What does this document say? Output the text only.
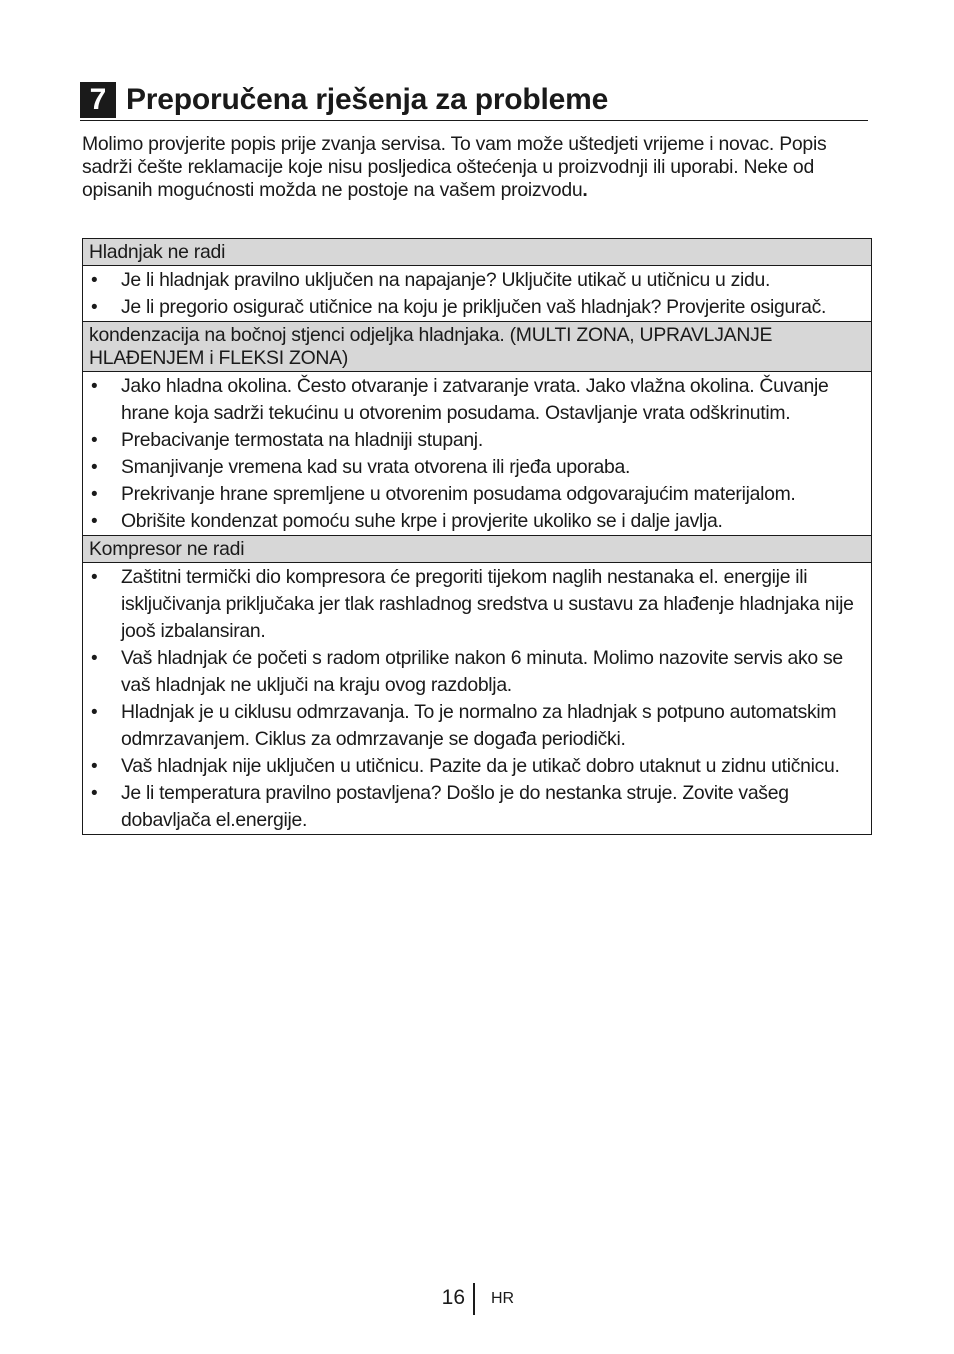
7 Preporučena rješenja za probleme
Molimo provjerite popis prije zvanja servisa. To vam može uštedjeti vrijeme i novac. Popis sadrži češte reklamacije koje nisu posljedica oštećenja u proizvodnji ili uporabi. Neke od opisanih mogućnosti možda ne postoje na vašem proizvodu.
Hladnjak ne radi
• Je li hladnjak pravilno uključen na napajanje? Uključite utikač u utičnicu u zidu.
• Je li pregorio osigurač utičnice na koju je priključen vaš hladnjak? Provjerite osigurač.
kondenzacija na bočnoj stjenci odjeljka hladnjaka. (MULTI ZONA, UPRAVLJANJE HLAĐENJEM i FLEKSI ZONA)
• Jako hladna okolina. Često otvaranje i zatvaranje vrata. Jako vlažna okolina. Čuvanje hrane koja sadrži tekućinu u otvorenim posudama. Ostavljanje vrata odškrinutim.
• Prebacivanje termostata na hladniji stupanj.
• Smanjivanje vremena kad su vrata otvorena ili rjeđa uporaba.
• Prekrivanje hrane spremljene u otvorenim posudama odgovarajućim materijalom.
• Obrišite kondenzat pomoću suhe krpe i provjerite ukoliko se i dalje javlja.
Kompresor ne radi
• Zaštitni termički dio kompresora će pregoriti tijekom naglih nestanaka el. energije ili isključivanja priključaka jer tlak rashladnog sredstva u sustavu za hlađenje hladnjaka nije jooš izbalansiran.
• Vaš hladnjak će početi s radom otprilike nakon 6 minuta. Molimo nazovite servis ako se vaš hladnjak ne uključi na kraju ovog razdoblja.
• Hladnjak je u ciklusu odmrzavanja. To je normalno za hladnjak s potpuno automatskim odmrzavanjem. Ciklus za odmrzavanje se događa periodički.
• Vaš hladnjak nije uključen u utičnicu. Pazite da je utikač dobro utaknut u zidnu utičnicu.
• Je li temperatura pravilno postavljena? Došlo je do nestanka struje. Zovite vašeg dobavljača el.energije.
16 HR
